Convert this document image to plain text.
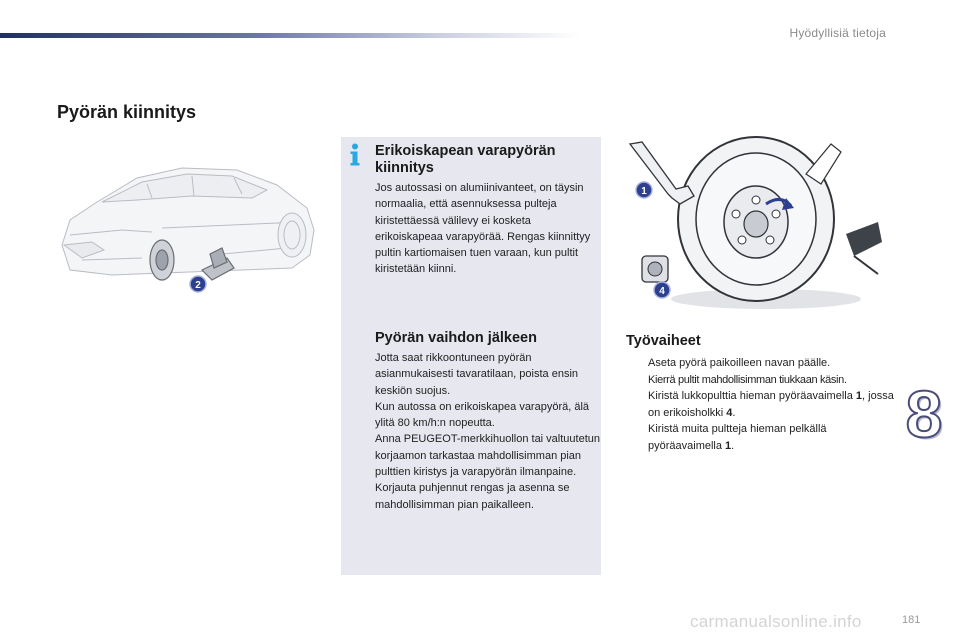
Hyödyllisiä tietoja
Pyörän kiinnitys
2
Erikoiskapean varapyörän kiinnitys
Jos autossasi on alumiinivanteet, on täysin normaalia, että asennuksessa pulteja kiristettäessä välilevy ei kosketa erikoiskapeaa varapyörää. Rengas kiinnittyy pultin kartiomaisen tuen varaan, kun pultit kiristetään kiinni.
Pyörän vaihdon jälkeen

Jotta saat rikkoontuneen pyörän asianmukaisesti tavaratilaan, poista ensin keskiön suojus.

Kun autossa on erikoiskapea varapyörä, älä ylitä 80 km/h:n nopeutta.

Anna PEUGEOT-merkkihuollon tai valtuutetun korjaamon tarkastaa mahdollisimman pian pulttien kiristys ja varapyörän ilmanpaine.

Korjauta puhjennut rengas ja asenna se mahdollisimman pian paikalleen.

1
4
Työvaiheet
Aseta pyörä paikoilleen navan päälle.
Kierrä pultit mahdollisimman tiukkaan käsin.
Kiristä lukkopulttia hieman pyöräavaimella 1, jossa on erikoisholkki 4.
Kiristä muita pultteja hieman pelkällä pyöräavaimella 1.	8
carmanualsonline.info	181
